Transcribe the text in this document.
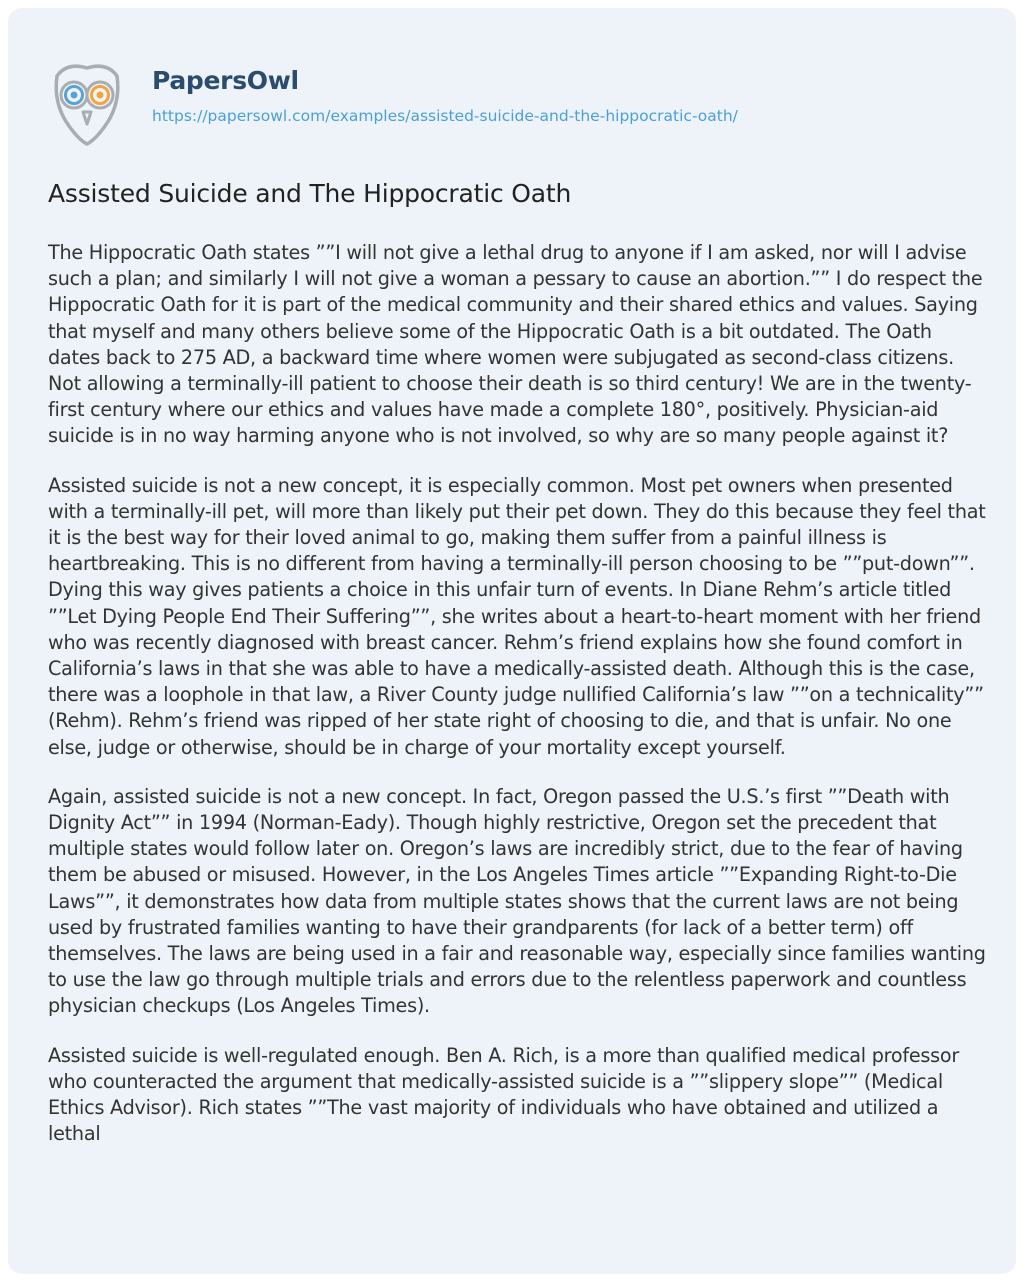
PapersOwl
https://papersowl.com/examples/assisted-suicide-and-the-hippocratic-oath/
Assisted Suicide and The Hippocratic Oath

The Hippocratic Oath states ””I will not give a lethal drug to anyone if I am asked, nor will I advise such a plan; and similarly I will not give a woman a pessary to cause an abortion.”” I do respect the Hippocratic Oath for it is part of the medical community and their shared ethics and values. Saying that myself and many others believe some of the Hippocratic Oath is a bit outdated. The Oath dates back to 275 AD, a backward time where women were subjugated as second-class citizens. Not allowing a terminally-ill patient to choose their death is so third century! We are in the twenty-first century where our ethics and values have made a complete 180°, positively. Physician-aid suicide is in no way harming anyone who is not involved, so why are so many people against it?

Assisted suicide is not a new concept, it is especially common. Most pet owners when presented with a terminally-ill pet, will more than likely put their pet down. They do this because they feel that it is the best way for their loved animal to go, making them suffer from a painful illness is heartbreaking. This is no different from having a terminally-ill person choosing to be ””put-down””. Dying this way gives patients a choice in this unfair turn of events. In Diane Rehm’s article titled ””Let Dying People End Their Suffering””, she writes about a heart-to-heart moment with her friend who was recently diagnosed with breast cancer. Rehm’s friend explains how she found comfort in California’s laws in that she was able to have a medically-assisted death. Although this is the case, there was a loophole in that law, a River County judge nullified California’s law ””on a technicality”” (Rehm). Rehm’s friend was ripped of her state right of choosing to die, and that is unfair. No one else, judge or otherwise, should be in charge of your mortality except yourself.

Again, assisted suicide is not a new concept. In fact, Oregon passed the U.S.’s first ””Death with Dignity Act”” in 1994 (Norman-Eady). Though highly restrictive, Oregon set the precedent that multiple states would follow later on. Oregon’s laws are incredibly strict, due to the fear of having them be abused or misused. However, in the Los Angeles Times article ””Expanding Right-to-Die Laws””, it demonstrates how data from multiple states shows that the current laws are not being used by frustrated families wanting to have their grandparents (for lack of a better term) off themselves. The laws are being used in a fair and reasonable way, especially since families wanting to use the law go through multiple trials and errors due to the relentless paperwork and countless physician checkups (Los Angeles Times).

Assisted suicide is well-regulated enough. Ben A. Rich, is a more than qualified medical professor who counteracted the argument that medically-assisted suicide is a ””slippery slope”” (Medical Ethics Advisor). Rich states ””The vast majority of individuals who have obtained and utilized a lethal
